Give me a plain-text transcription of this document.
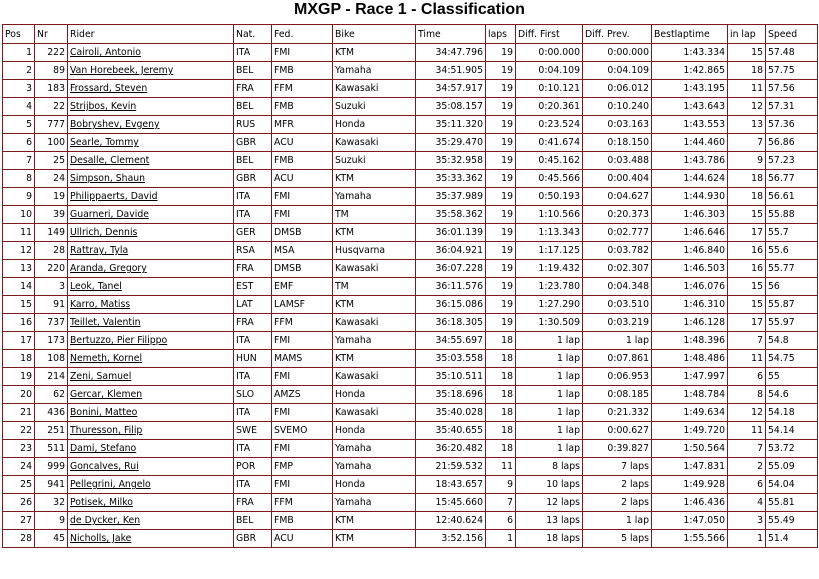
MXGP - Race 1 - Classification
Pos	Nr	Rider	Nat.	Fed.	Bike	Time	laps	Diff. First	Diff. Prev.	Bestlaptime	in lap	Speed
1	222	Cairoli, Antonio	ITA	FMI	KTM	34:47.796	19	0:00.000	0:00.000	1:43.334	15	57.48
2	89	Van Horebeek, Jeremy	BEL	FMB	Yamaha	34:51.905	19	0:04.109	0:04.109	1:42.865	18	57.75
3	183	Frossard, Steven	FRA	FFM	Kawasaki	34:57.917	19	0:10.121	0:06.012	1:43.195	11	57.56
4	22	Strijbos, Kevin	BEL	FMB	Suzuki	35:08.157	19	0:20.361	0:10.240	1:43.643	12	57.31
5	777	Bobryshev, Evgeny	RUS	MFR	Honda	35:11.320	19	0:23.524	0:03.163	1:43.553	13	57.36
6	100	Searle, Tommy	GBR	ACU	Kawasaki	35:29.470	19	0:41.674	0:18.150	1:44.460	7	56.86
7	25	Desalle, Clement	BEL	FMB	Suzuki	35:32.958	19	0:45.162	0:03.488	1:43.786	9	57.23
8	24	Simpson, Shaun	GBR	ACU	KTM	35:33.362	19	0:45.566	0:00.404	1:44.624	18	56.77
9	19	Philippaerts, David	ITA	FMI	Yamaha	35:37.989	19	0:50.193	0:04.627	1:44.930	18	56.61
10	39	Guarneri, Davide	ITA	FMI	TM	35:58.362	19	1:10.566	0:20.373	1:46.303	15	55.88
11	149	Ullrich, Dennis	GER	DMSB	KTM	36:01.139	19	1:13.343	0:02.777	1:46.646	17	55.7
12	28	Rattray, Tyla	RSA	MSA	Husqvarna	36:04.921	19	1:17.125	0:03.782	1:46.840	16	55.6
13	220	Aranda, Gregory	FRA	DMSB	Kawasaki	36:07.228	19	1:19.432	0:02.307	1:46.503	16	55.77
14	3	Leok, Tanel	EST	EMF	TM	36:11.576	19	1:23.780	0:04.348	1:46.076	15	56
15	91	Karro, Matiss	LAT	LAMSF	KTM	36:15.086	19	1:27.290	0:03.510	1:46.310	15	55.87
16	737	Teillet, Valentin	FRA	FFM	Kawasaki	36:18.305	19	1:30.509	0:03.219	1:46.128	17	55.97
17	173	Bertuzzo, Pier Filippo	ITA	FMI	Yamaha	34:55.697	18	1 lap	1 lap	1:48.396	7	54.8
18	108	Nemeth, Kornel	HUN	MAMS	KTM	35:03.558	18	1 lap	0:07.861	1:48.486	11	54.75
19	214	Zeni, Samuel	ITA	FMI	Kawasaki	35:10.511	18	1 lap	0:06.953	1:47.997	6	55
20	62	Gercar, Klemen	SLO	AMZS	Honda	35:18.696	18	1 lap	0:08.185	1:48.784	8	54.6
21	436	Bonini, Matteo	ITA	FMI	Kawasaki	35:40.028	18	1 lap	0:21.332	1:49.634	12	54.18
22	251	Thuresson, Filip	SWE	SVEMO	Honda	35:40.655	18	1 lap	0:00.627	1:49.720	11	54.14
23	511	Dami, Stefano	ITA	FMI	Yamaha	36:20.482	18	1 lap	0:39.827	1:50.564	7	53.72
24	999	Goncalves, Rui	POR	FMP	Yamaha	21:59.532	11	8 laps	7 laps	1:47.831	2	55.09
25	941	Pellegrini, Angelo	ITA	FMI	Honda	18:43.657	9	10 laps	2 laps	1:49.928	6	54.04
26	32	Potisek, Milko	FRA	FFM	Yamaha	15:45.660	7	12 laps	2 laps	1:46.436	4	55.81
27	9	de Dycker, Ken	BEL	FMB	KTM	12:40.624	6	13 laps	1 lap	1:47.050	3	55.49
28	45	Nicholls, Jake	GBR	ACU	KTM	3:52.156	1	18 laps	5 laps	1:55.566	1	51.4
